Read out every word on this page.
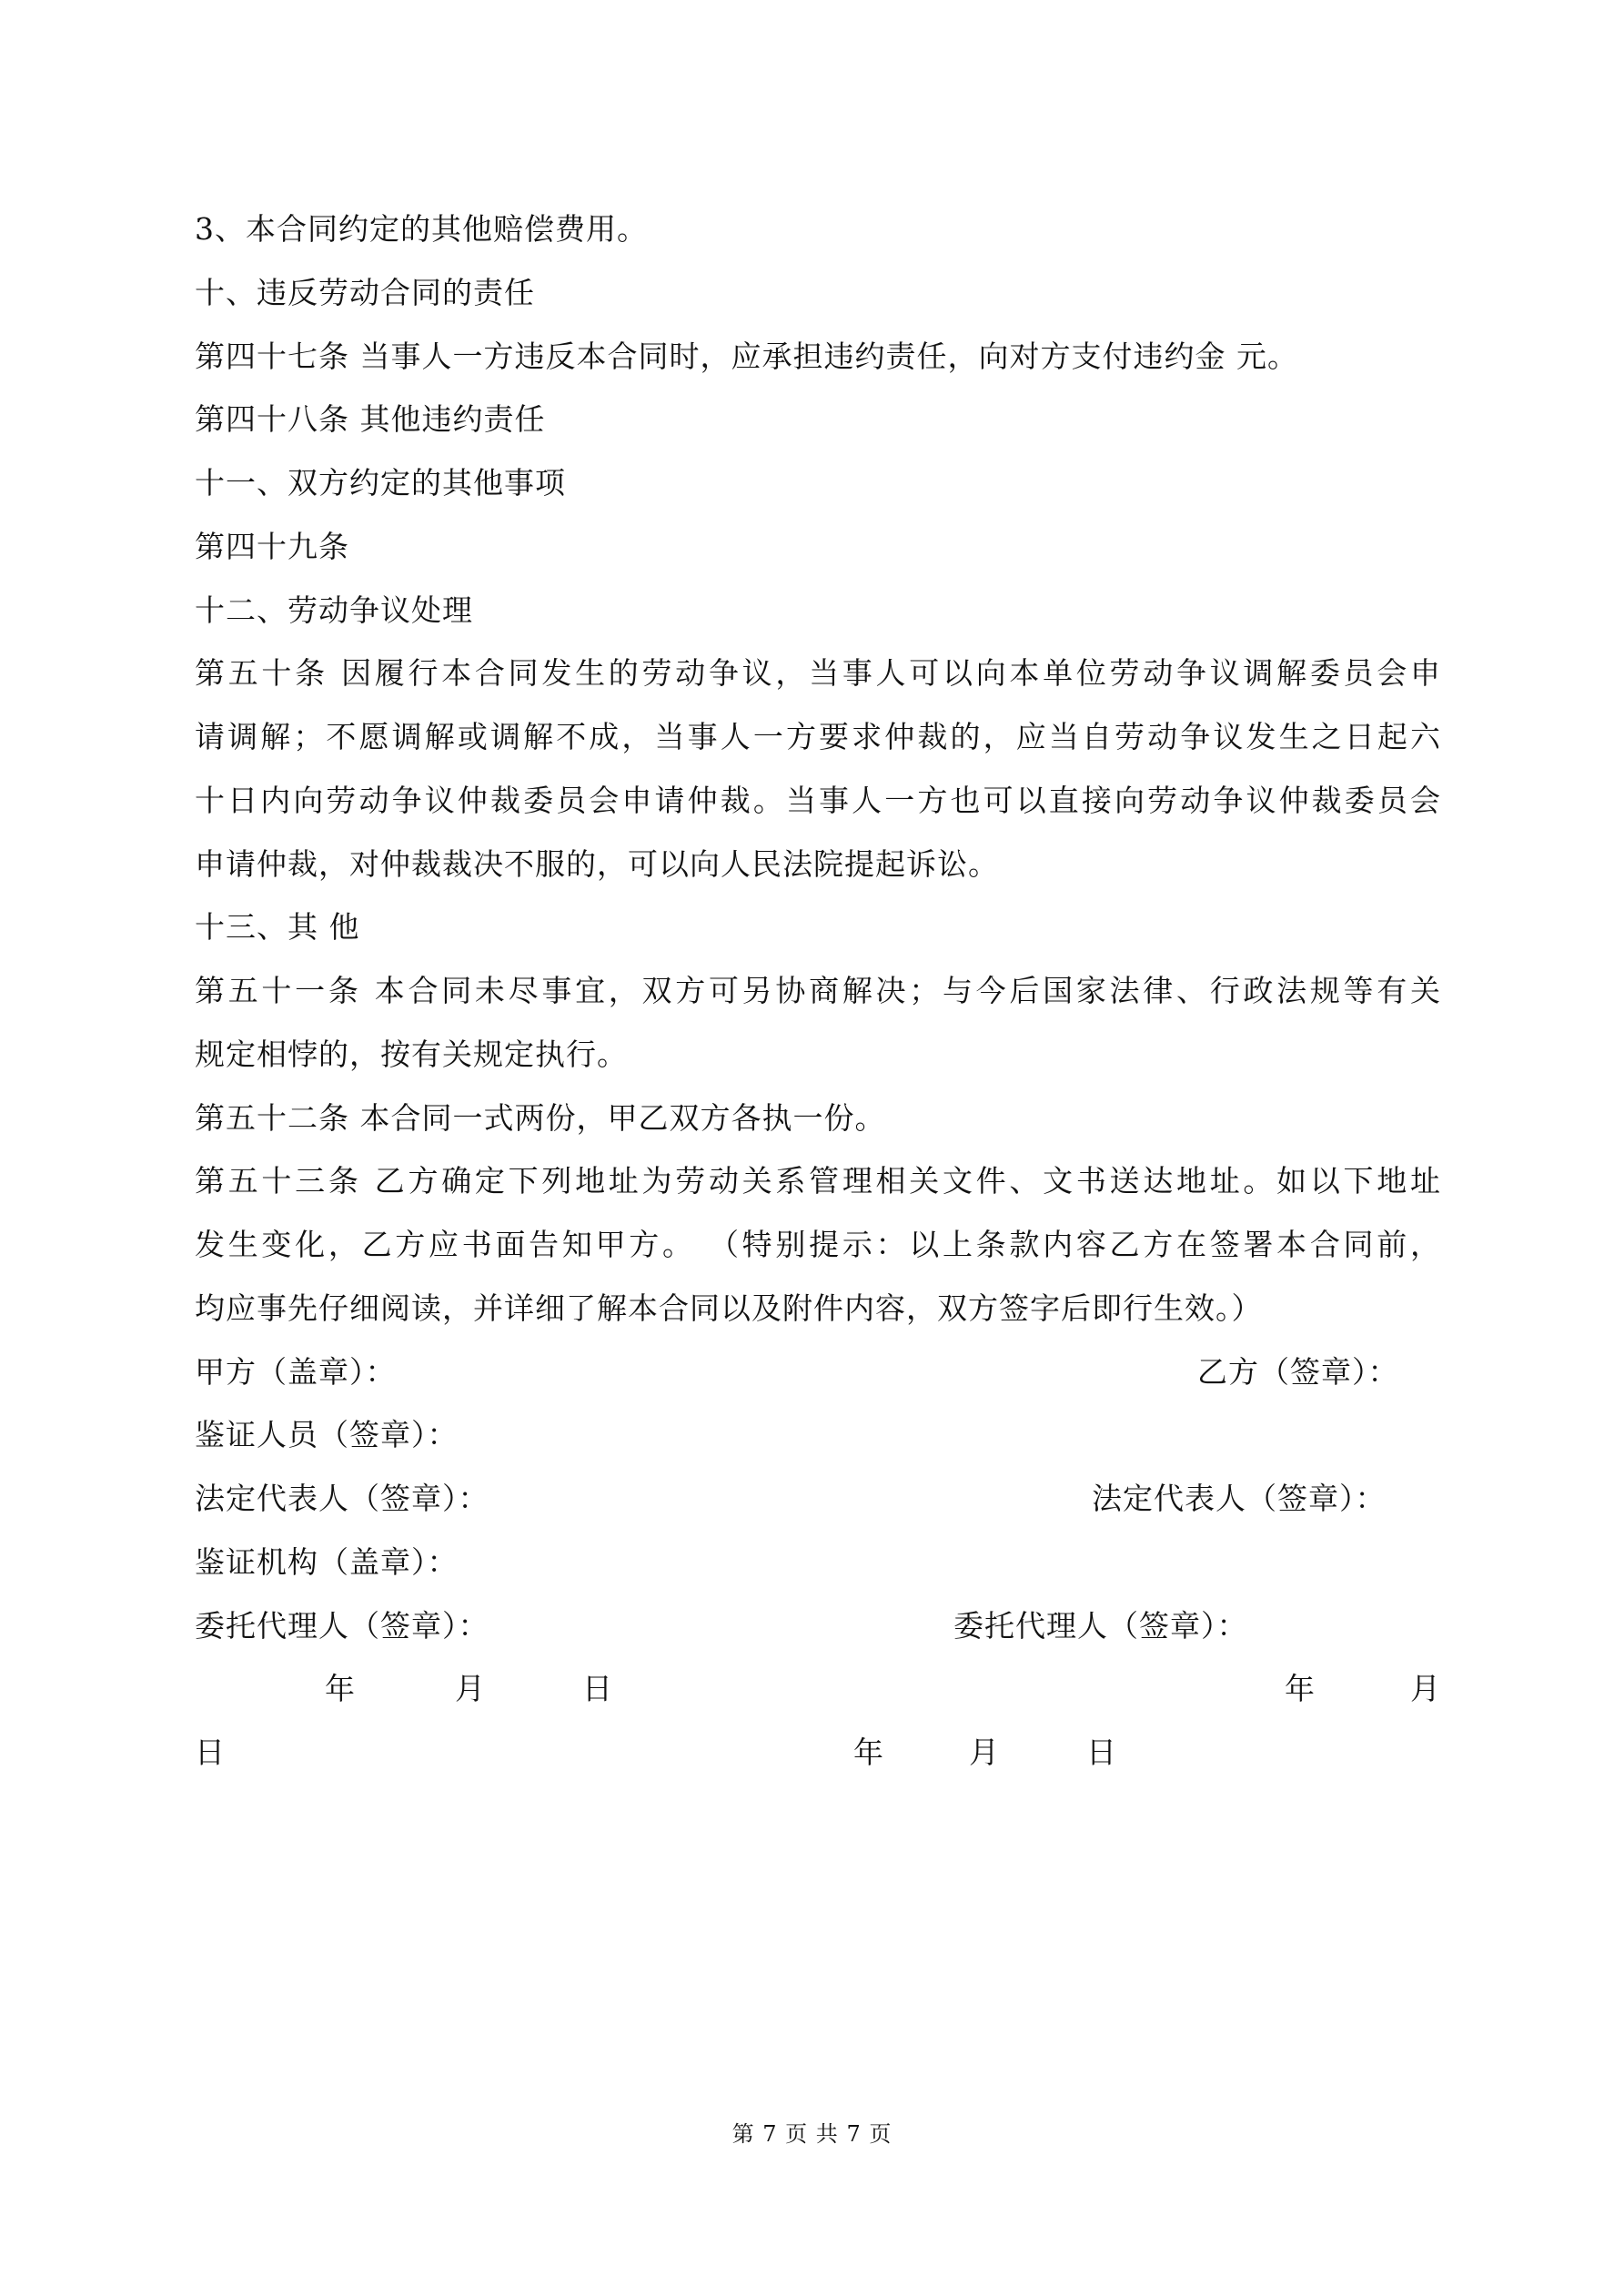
3、本合同约定的其他赔偿费用。
十、违反劳动合同的责任
第四十七条 当事人一方违反本合同时，应承担违约责任，向对方支付违约金 元。
第四十八条 其他违约责任
十一、双方约定的其他事项
第四十九条
十二、劳动争议处理
第五十条 因履行本合同发生的劳动争议，当事人可以向本单位劳动争议调解委员会申
请调解；不愿调解或调解不成，当事人一方要求仲裁的，应当自劳动争议发生之日起六
十日内向劳动争议仲裁委员会申请仲裁。当事人一方也可以直接向劳动争议仲裁委员会
申请仲裁，对仲裁裁决不服的，可以向人民法院提起诉讼。
十三、其 他
第五十一条 本合同未尽事宜，双方可另协商解决；与今后国家法律、行政法规等有关
规定相悖的，按有关规定执行。
第五十二条 本合同一式两份，甲乙双方各执一份。
第五十三条 乙方确定下列地址为劳动关系管理相关文件、文书送达地址。如以下地址
发生变化，乙方应书面告知甲方。 （特别提示：以上条款内容乙方在签署本合同前，
均应事先仔细阅读，并详细了解本合同以及附件内容，双方签字后即行生效。）
甲方（盖章）：	乙方（签章）：
鉴证人员（签章）：
法定代表人（签章）：	法定代表人（签章）：
鉴证机构（盖章）：
委托代理人（签章）：	委托代理人（签章）：
年	月	日	年	月
日	年	月	日
第 7 页 共 7 页
